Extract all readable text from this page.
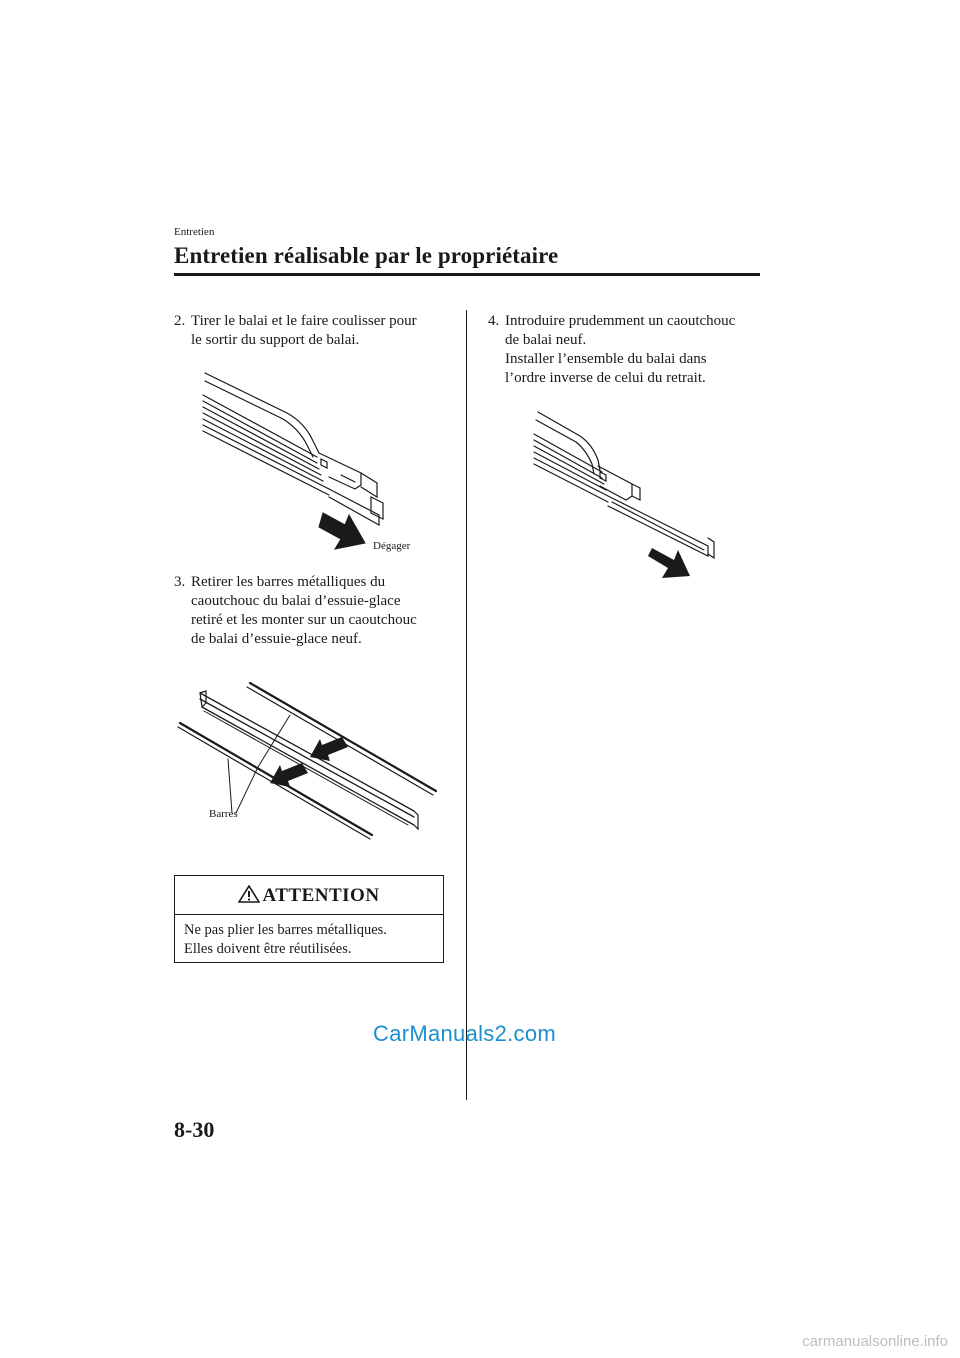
Entretien
Entretien réalisable par le propriétaire
2. Tirer le balai et le faire coulisser pour
le sortir du support de balai.
Dégager
3. Retirer les barres métalliques du
caoutchouc du balai d’essuie-glace
retiré et les monter sur un caoutchouc
de balai d’essuie-glace neuf.
Barres
ATTENTION
Ne pas plier les barres métalliques.
Elles doivent être réutilisées.
4. Introduire prudemment un caoutchouc
de balai neuf.
Installer l’ensemble du balai dans
l’ordre inverse de celui du retrait.
CarManuals2.com
8-30
carmanualsonline.info
